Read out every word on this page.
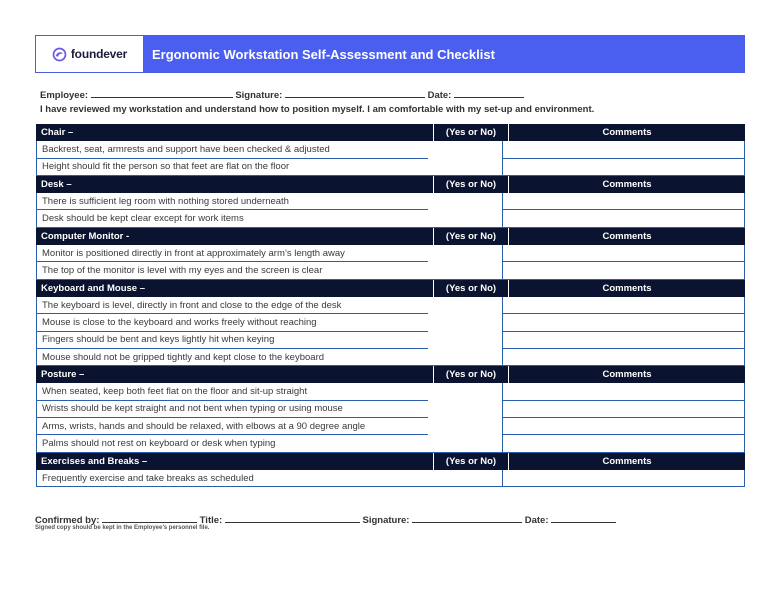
foundever Ergonomic Workstation Self-Assessment and Checklist
Employee:	Signature:	Date:
I have reviewed my workstation and understand how to position myself. I am comfortable with my set-up and environment.
Chair –	(Yes or No)	Comments
Backrest, seat, armrests and support have been checked & adjusted
Height should fit the person so that feet are flat on the floor
Desk –	(Yes or No)	Comments
There is sufficient leg room with nothing stored underneath
Desk should be kept clear except for work items
Computer Monitor -	(Yes or No)	Comments
Monitor is positioned directly in front at approximately arm’s length away
The top of the monitor is level with my eyes and the screen is clear
Keyboard and Mouse –	(Yes or No)	Comments
The keyboard is level, directly in front and close to the edge of the desk
Mouse is close to the keyboard and works freely without reaching
Fingers should be bent and keys lightly hit when keying
Mouse should not be gripped tightly and kept close to the keyboard
Posture –	(Yes or No)	Comments
When seated, keep both feet flat on the floor and sit-up straight
Wrists should be kept straight and not bent when typing or using mouse
Arms, wrists, hands and should be relaxed, with elbows at a 90 degree angle
Palms should not rest on keyboard or desk when typing
Exercises and Breaks –	(Yes or No)	Comments
Frequently exercise and take breaks as scheduled
Confirmed by:	Title:	Signature:	Date:
Signed copy should be kept in the Employee’s personnel file.
